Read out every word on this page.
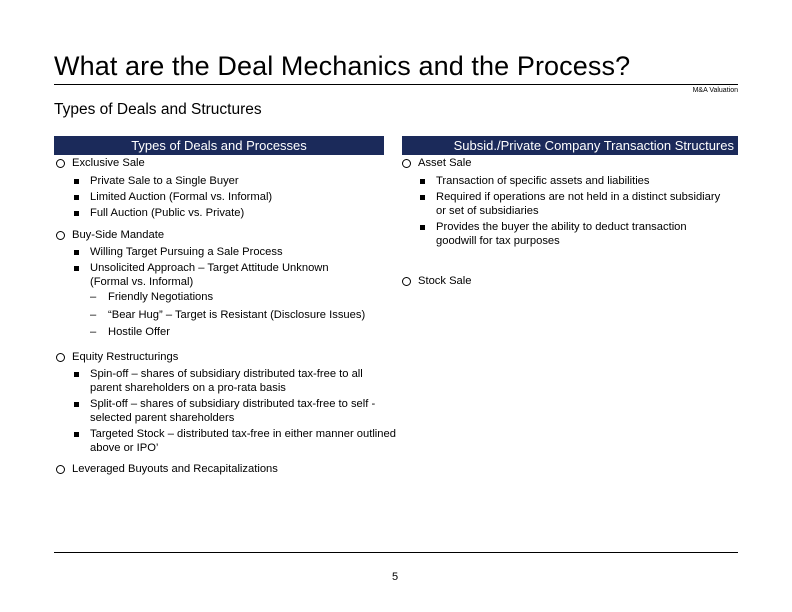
What are the Deal Mechanics and the Process?
M&A Valuation
Types of Deals and Structures
Types of Deals and Processes	Subsid./Private Company Transaction Structures
Exclusive Sale
Private Sale to a Single Buyer
Limited Auction (Formal vs. Informal)
Full Auction (Public vs. Private)
Buy-Side Mandate
Willing Target Pursuing a Sale Process
Unsolicited Approach – Target Attitude Unknown (Formal vs. Informal)
– Friendly Negotiations
– “Bear Hug” – Target is Resistant (Disclosure Issues)
– Hostile Offer
Equity Restructurings
Spin-off – shares of subsidiary distributed tax-free to all parent shareholders on a pro-rata basis
Split-off – shares of subsidiary distributed tax-free to self -selected parent shareholders
Targeted Stock – distributed tax-free in either manner outlined above or IPO’
Leveraged Buyouts and Recapitalizations
Asset Sale
Transaction of specific assets and liabilities
Required if operations are not held in a distinct subsidiary or set of subsidiaries
Provides the buyer the ability to deduct transaction goodwill for tax purposes
Stock Sale
5
